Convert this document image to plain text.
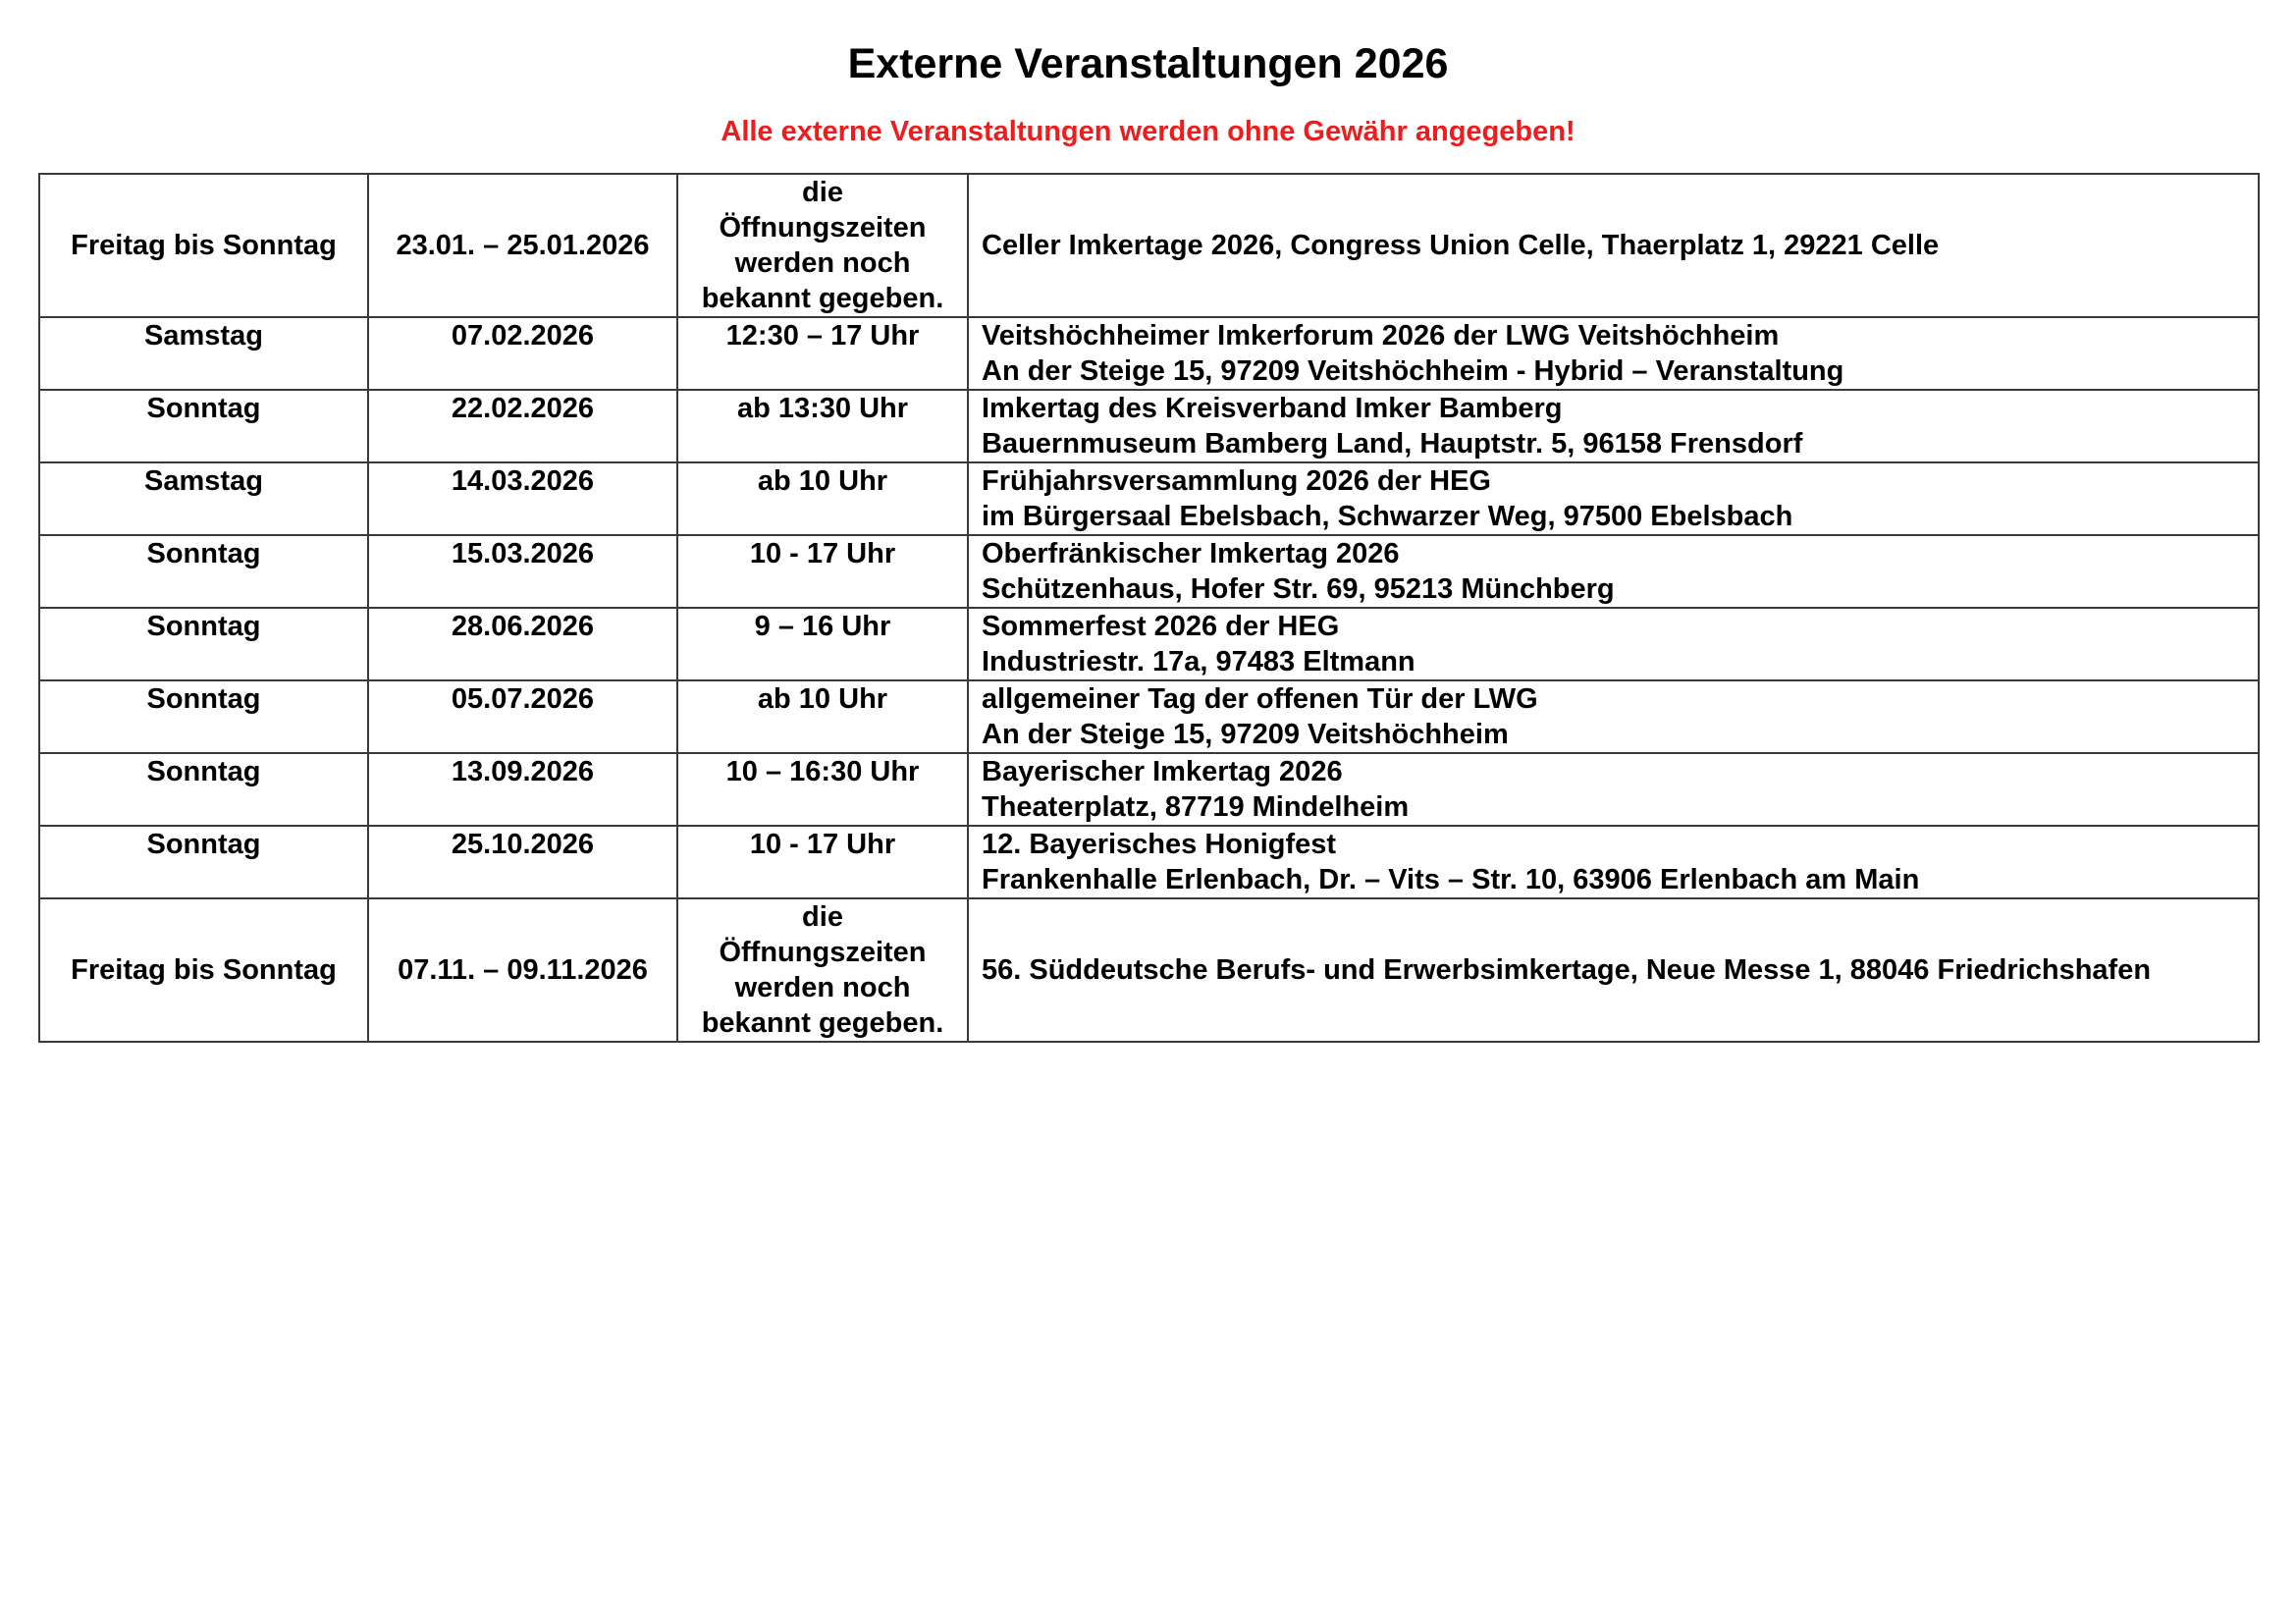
Externe Veranstaltungen 2026
Alle externe Veranstaltungen werden ohne Gewähr angegeben!
Freitag bis Sonntag	23.01. – 25.01.2026	die
Öffnungszeiten
werden noch
bekannt gegeben.	Celler Imkertage 2026, Congress Union Celle, Thaerplatz 1, 29221 Celle

Samstag	07.02.2026	12:30 – 17 Uhr	Veitshöchheimer Imkerforum 2026 der LWG Veitshöchheim
An der Steige 15, 97209 Veitshöchheim - Hybrid – Veranstaltung

Sonntag	22.02.2026	ab 13:30 Uhr	Imkertag des Kreisverband Imker Bamberg
Bauernmuseum Bamberg Land, Hauptstr. 5, 96158 Frensdorf

Samstag	14.03.2026	ab 10 Uhr	Frühjahrsversammlung 2026 der HEG
im Bürgersaal Ebelsbach, Schwarzer Weg, 97500 Ebelsbach

Sonntag	15.03.2026	10 - 17 Uhr	Oberfränkischer Imkertag 2026
Schützenhaus, Hofer Str. 69, 95213 Münchberg

Sonntag	28.06.2026	9 – 16 Uhr	Sommerfest 2026 der HEG
Industriestr. 17a, 97483 Eltmann

Sonntag	05.07.2026	ab 10 Uhr	allgemeiner Tag der offenen Tür der LWG
An der Steige 15, 97209 Veitshöchheim

Sonntag	13.09.2026	10 – 16:30 Uhr	Bayerischer Imkertag 2026
Theaterplatz, 87719 Mindelheim

Sonntag	25.10.2026	10 - 17 Uhr	12. Bayerisches Honigfest
Frankenhalle Erlenbach, Dr. – Vits – Str. 10, 63906 Erlenbach am Main

Freitag bis Sonntag	07.11. – 09.11.2026	die
Öffnungszeiten
werden noch
bekannt gegeben.	56. Süddeutsche Berufs- und Erwerbsimkertage, Neue Messe 1, 88046 Friedrichshafen
